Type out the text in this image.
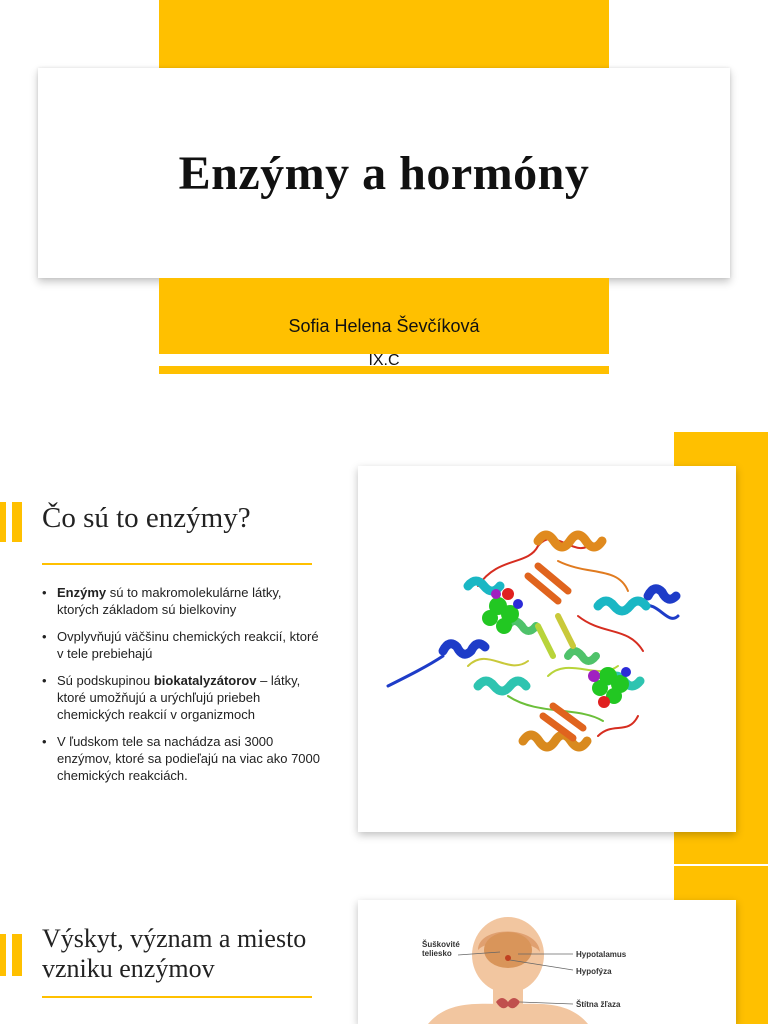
Enzýmy a hormóny
Sofia Helena Ševčíková
IX.C
Čo sú to enzýmy?
• Enzýmy sú to makromolekulárne látky, ktorých základom sú bielkoviny
• Ovplyvňujú väčšinu chemických reakcií, ktoré v tele prebiehajú
• Sú podskupinou biokatalyzátorov – látky, ktoré umožňujú a urýchľujú priebeh chemických reakcií v organizmoch
• V ľudskom tele sa nachádza asi 3000 enzýmov, ktoré sa podieľajú na viac ako 7000 chemických reakciách.
Výskyt, význam a miesto vzniku enzýmov
Šuškovité teliesko	Hypotalamus
Hypofýza
Štítna žľaza
